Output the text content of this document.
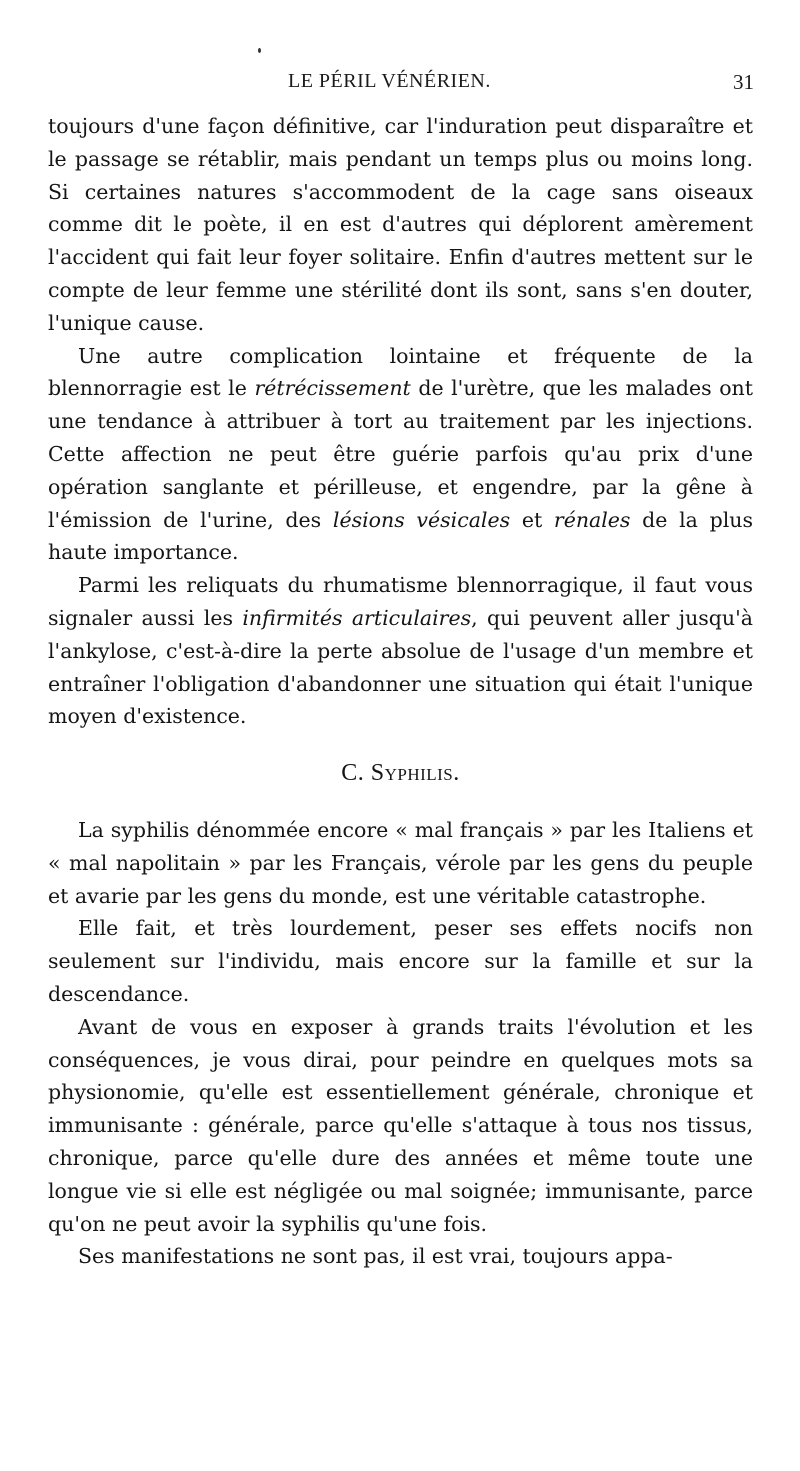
LE PÉRIL VÉNÉRIEN.	31

toujours d'une façon définitive, car l'induration peut disparaître et le passage se rétablir, mais pendant un temps plus ou moins long. Si certaines natures s'accommodent de la cage sans oiseaux comme dit le poète, il en est d'autres qui déplorent amèrement l'accident qui fait leur foyer solitaire. Enfin d'autres mettent sur le compte de leur femme une stérilité dont ils sont, sans s'en douter, l'unique cause.

Une autre complication lointaine et fréquente de la blennorragie est le rétrécissement de l'urètre, que les malades ont une tendance à attribuer à tort au traitement par les injections. Cette affection ne peut être guérie parfois qu'au prix d'une opération sanglante et périlleuse, et engendre, par la gêne à l'émission de l'urine, des lésions vésicales et rénales de la plus haute importance.

Parmi les reliquats du rhumatisme blennorragique, il faut vous signaler aussi les infirmités articulaires, qui peuvent aller jusqu'à l'ankylose, c'est-à-dire la perte absolue de l'usage d'un membre et entraîner l'obligation d'abandonner une situation qui était l'unique moyen d'existence.

C. Syphilis.

La syphilis dénommée encore « mal français » par les Italiens et « mal napolitain » par les Français, vérole par les gens du peuple et avarie par les gens du monde, est une véritable catastrophe.

Elle fait, et très lourdement, peser ses effets nocifs non seulement sur l'individu, mais encore sur la famille et sur la descendance.

Avant de vous en exposer à grands traits l'évolution et les conséquences, je vous dirai, pour peindre en quelques mots sa physionomie, qu'elle est essentiellement générale, chronique et immunisante : générale, parce qu'elle s'attaque à tous nos tissus, chronique, parce qu'elle dure des années et même toute une longue vie si elle est négligée ou mal soignée; immunisante, parce qu'on ne peut avoir la syphilis qu'une fois.

Ses manifestations ne sont pas, il est vrai, toujours appa-
